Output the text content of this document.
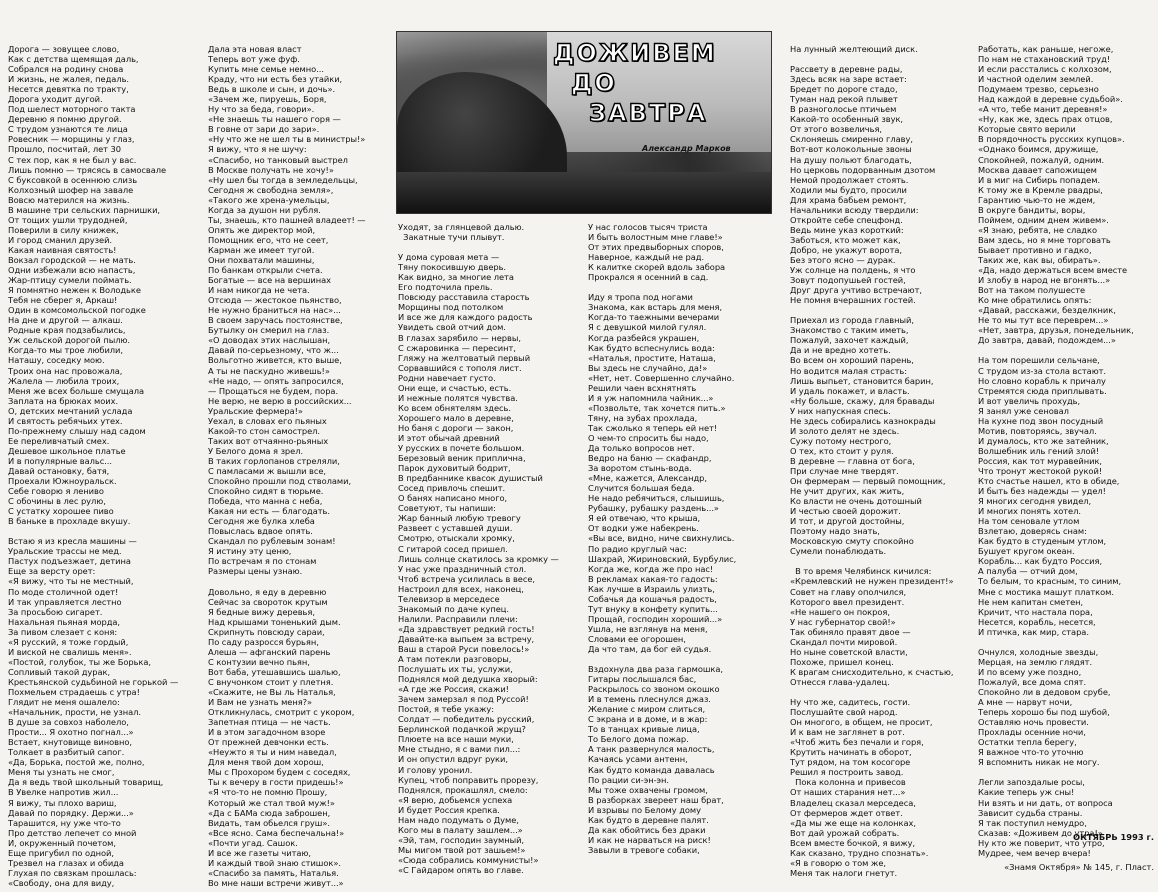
Дорога — зовущее слово,
Как с детства щемящая даль,
Собрался на родину снова
И жизнь, не жалея, педаль.
Несется девятка по тракту,
Дорога уходит дугой.
Под шелест моторного такта
Деревню я помню другой.
С трудом узнаются те лица
Ровесник — морщины у глаз,
Прошло, посчитай, лет 30
С тех пор, как я не был у вас.
Лишь помню — трясясь в самосвале
С буксовкой в осеннюю слизь
Колхозный шофер на завале
Вовсю матерился на жизнь.
В машине три сельских парнишки,
От тощих ушли трудодней,
Поверили в силу книжек,
И город сманил друзей.
Какая наивная святость!
Вокзал городской — не мать.
Одни избежали всю напасть,
Жар-птицу сумели поймать.
Я помнятно нежен к Володьке
Тебя не сберег я, Аркаш!
Один в комсомольской погодке
На дне и другой — алкаш.
Родные края подзабылись,
Уж сельской дорогой пылю.
Когда-то мы трое любили,
Наташу, соседку мою.
Троих она нас провожала,
Жалела — любила троих,
Меня же всех больше смущала
Заплата на брюках моих.
О, детских мечтаний услада
И святость ребячьих утех.
По-прежнему слышу над садом
Ее переливчатый смех.
Дешевое школьное платье
И в популярные вальс...
Давай остановку, батя,
Проехали Южноуральск.
Себе говорю я лениво
С обочины в лес рулю,
С устатку хорошее пиво
В баньке в прохладе вкушу.

Встаю я из кресла машины —
Уральские трассы не мед.
Пастух подъезжает, детина
Еще за версту орет:
«Я вижу, что ты не местный,
По моде столичной одет!
И так управляется лестно
За просьбою сигарет.
Нахальная пьяная морда,
За пивом слезает с коня:
«Я русский, я тоже гордый,
И виской не свалишь меня».
«Постой, голубок, ты же Борька,
Сопливый такой дурак,
Крестьянской судьбиной не горькой —
Похмельем страдаешь с утра!
Глядит не меня ошалело:
«Начальник, прости, не узнал.
В душе за совхоз наболело,
Прости... Я охотно погнал...»
Встает, кнутовище виновно,
Толкает в разбитый сапог.
«Да, Борька, постой же, полно,
Меня ты узнать не смог,
Да я ведь твой школьный товарищ,
В Увелке напротив жил...
Я вижу, ты плохо вариш,
Давай по порядку. Держи...»
Тарашится, ну уже что-то
Про детство лепечет со мной
И, окруженный почетом,
Еще пригубил по одной,
Трезвел на глазах и обида
Глухая по связкам прошлась:
«Свободу, она для виду,
Дала эта новая власт
Теперь вот уже фуф.
Купить мне семье немно...
Краду, что ни есть без утайки,
Ведь в школе и сын, и дочь».
«Зачем же, пируешь, Боря,
Ну что за беда, говори».
«Не знаешь ты нашего горя —
В говне от зари до зари».
«Ну что же не шел ты в министры!»
Я вижу, что я не шучу:
«Спасибо, но танковый выстрел
В Москве получать не хочу!»
«Ну шел бы тогда в земледельцы,
Сегодня ж свободна земля»,
«Такого же хрена-умельцы,
Когда за душон ни рубля.
Ты, знаешь, кто пашней владеет! —
Опять же директор мой,
Помощник его, что не сеет,
Карман же имеет тугой.
Они похватали машины,
По банкам открыли счета.
Богатые — все на вершинах
И нам никогда не чета.
Отсюда — жестокое пьянство,
Не нужно браниться на нас»...
В своем заручась постоянстве,
Бутылку он смерил на глаз.
«О доводах этих наслышан,
Давай по-серьезному, что ж...
Вольготно живется, кто выше,
А ты не паскудно живешь!»
«Не надо, — опять запросился,
— Прощаться не будем, пора.
Не верю, не верю в российских...
Уральские фермера!»
Уехал, в словах его пьяных
Какой-то стон самострел.
Таких вот отчаянно-рьяных
У Белого дома я зрел.
В таких горлопанов стреляли,
С памласами ж вышли все,
Спокойно прошли под стволами,
Спокойно сидят в тюрьме.
Победа, что манна с неба,
Какая ни есть — благодать.
Сегодня же булка хлеба
Повыслась вдвое опять.
Скандал по рублевым зонам!
Я истину эту ценю,
По встречам я по стонам
Размеры цены узнаю.

Довольно, я еду в деревню
Сейчас за свороток крутым
Я бедные вижу деревья,
Над крышами тоненький дым.
Скрипнуть повсюду сараи,
По саду разросся бурьян,
Алеша — афганский парень
С контузии вечно пьян,
Вот баба, утешавшись шалью,
С внучонком стоит у плетня.
«Скажите, не Вы ль Наталья,
И Вам не узнать меня?»
Откликнулась, смотрит с укором,
Запетная птица — не часть.
И в этом загадочном взоре
От прежней девчонки есть.
«Неужто я ты и ним наведал,
Для меня твой дом хорош,
Мы с Прохором будем с соседях,
Ты к вечеру в гости придешь!»
«Я что-то не помню Прошу,
Который же стал твой муж!»
«Да с БАМа сюда заброшен,
Видать, там обьелся груш».
«Все ясно. Сама беспечальна!»
«Почти угад. Сашок.
И все же газеты читаю,
И каждый твой знаю стишок».
«Спасибо за память, Наталья.
Во мне наши встречи живут...»
ДОЖИВЕМ
ДО
ЗАВТРА
Александр Марков
Уходят, за глянцевой далью.
Закатные тучи плывут.

У дома суровая мета —
Тяну покосившую дверь.
Как видно, за многие лета
Его подточила прель.
Повсюду расставила старость
Морщины под потолком
И все же для каждого радость
Увидеть свой отчий дом.
В глазах зарябило — нервы,
С сжаровинка — пересинт,
Гляжу на желтоватый первый
Сорвавшийся с тополя лист.
Родни навечает густо.
Они еще, и счастью, есть.
И нежные полятся чувства.
Ко всем обнятелям здесь.
Хорошего мало в деревне,
Но баня с дороги — закон,
И этот обычай древний
У русских в почете большом.
Березовый веник приплична,
Парок духовитый бодрит,
В предбаннике квасок душистый
Сосед привлочь спешит.
О банях написано много,
Советуют, ты напиши:
Жар банный любую тревогу
Развеет с уставшей души.
Смотрю, отыскали хромку,
С гитарой сосед пришел.
Лишь солнце скатилось за кромку —
У нас уже праздничный стол.
Чтоб встреча усилилась в весе,
Настроил для всех, наконец,
Телевизор в мерседесе
Знакомый по даче купец.
Налили. Расправили плечи:
«Да здравствует редкий гость!
Давайте-ка выпьем за встречу,
Ваш в старой Руси повелось!»
А там потекли разговоры,
Послушать их ты, услужи,
Поднялся мой дедушка хворый:
«А где же Россия, скажи!
Зачем замерзал я под Руссой!
Постой, я тебе укажу:
Солдат — победитель русский,
Берлинской подачкой жрущ?
Плюете на все наши муки,
Мне стыдно, я с вами пил...:
И он опустил вдруг руки,
И голову уронил.
Купец, чтоб поправить прорезу,
Поднялся, прокашлял, смело:
«Я верю, добьемся успеха
И будет Россия крепка.
Нам надо подумать о Думе,
Кого мы в палату зашлем...»
«Эй, там, господин заумный,
Мы мигом твой рот зашьем!»
«Сюда собрались коммунисты!»
«С Гайдаром опять во главе.
У нас голосов тысяч триста
И быть волостным мне главе!»
От этих предвыборных споров,
Наверное, каждый не рад.
К калитке скорей вдоль забора
Прокрался я осенний в сад.

Иду я тропа под ногами
Знакома, как встарь для меня,
Когда-то таежными вечерами
Я с девушкой милой гулял.
Когда разбейся украшен,
Как будто вспеснулись вода:
«Наталья, простите, Наташа,
Вы здесь не случайно, да!»
«Нет, нет. Совершенно случайно.
Решили чаен всхнятнять
И я уж напомнила чайник...»
«Позвольте, так хочется пить.»
Тяну, на зубах прохлада,
Так сжолько я теперь ей нет!
О чем-то спросить бы надо,
Да только вопросов нет.
Ведро на баню — скафандр,
За воротом стынь-вода.
«Мне, кажется, Александр,
Случится большая беда.
Не надо ребячиться, слышишь,
Рубашку, рубашку раздень...»
Я ей отвечаю, что крыша,
От водки уже набекрень.
«Вы все, видно, ниче свихнулись.
По радио круглый час:
Шахрай, Жириновский, Бурбулис,
Когда же, когда же про нас!
В рекламах какая-то гадость:
Как лучше в Израиль улизть,
Собачья да кошачья радость,
Тут внуку в конфету купить...
Прощай, господин хороший...»
Ушла, не взглянув на меня,
Словами ее огорошен,
Да что там, да бог ей судья.

Вздохнула два раза гармошка,
Гитары послышался бас,
Раскрылось со звоном окошко
И в темень плеснулся джаз.
Желание с миром слиться,
С экрана и в доме, и в жар:
То в танцах кривые лица,
То Белого дома пожар.
А танк развернулся малость,
Качаясь усами антенн,
Как будто команда давалась
По рации си-эн-эн.
Мы тоже охвачены громом,
В разборках звереет наш брат,
И взрывы по Белому дому
Как будто в деревне палят.
Да как обойтись без драки
И как не нарваться на риск!
Завыли в тревоге собаки,
На лунный желтеющий диск.

Рассвету в деревне рады,
Здесь всяк на заре встает:
Бредет по дороге стадо,
Туман над рекой плывет
В разноголосье птичьем
Какой-то особенный звук,
От этого возвеличья,
Склоняешь смиренно главу,
Вот-вот колокольные звоны
На душу польют благодать,
Но церковь подорванным дзотом
Немой продолжает стоять.
Ходили мы будто, просили
Для храма бабьем ремонт,
Начальники всюду твердили:
Откройте себе спецфонд.
Ведь мине указ короткий:
Заботься, кто может как,
Добро, не укажут ворота,
Без этого ясно — дурак.
Уж солнце на полдень, я что
Зовут подопушьей гостей,
Друг друга учтиво встречают,
Не помня вчерашних гостей.

Приехал из города главный,
Знакомство с таким иметь,
Пожалуй, захочет каждый,
Да и не вредно хотеть.
Во всем он хороший парень,
Но водится малая страсть:
Лишь выпьет, становится барин,
И удаль покажет, и власть.
«Ну больше, скажу, для бравады
У них напускная спесь.
Не здесь собирались казнокрады
И золото делят не здесь.
Сужу потому нестрого,
О тех, кто стоит у руля.
В деревне — главна от бога,
При случае мне твердят.
Он фермерам — первый помощник,
Не учит других, как жить,
Ко власти не очень дотошный
И честью своей дорожит.
И тот, и другой достойны,
Поэтому надо знать,
Московскую смуту спокойно
Сумели понаблюдать.

В то время Челябинск кичился:
«Кремлевский не нужен президент!»
Совет на главу ополчился,
Которого ввел президент.
«Не нашего он покроя,
У нас губернатор свой!»
Так обиняло правят двое —
Скандал почти мировой.
Но ныне советской власти,
Похоже, пришел конец.
К врагам снисходительно, к счастью,
Отнесся глава-удалец.

Ну что же, садитесь, гости.
Послушайте свой народ.
Он многого, в общем, не просит,
И к вам не заглянет в рот.
«Чтоб жить без печали и горя,
Крутить начинать в оборот,
Тут рядом, на том косогоре
Решил я построить завод.
Пока колонна и привесов
От наших старания нет...»
Владелец сказал мерседеса,
От фермеров ждет ответ.
«Да мы же еще на колонках,
Вот дай урожай собрать.
Всем вместе бочкой, я вижу,
Как сказано, трудно спознать».
«Я в говорю о том же,
Меня так налоги гнетут.
Работать, как раньше, негоже,
По нам не стахановский труд!
И если расстались с колхозом,
И частной оделим землей.
Подумаем трезво, серьезно
Над каждой в деревне судьбой».
«А что, тебе манит деревня!»
«Ну, как же, здесь прах отцов,
Которые свято верили
В порядочность русских купцов».
«Однако боимся, дружище,
Спокойней, пожалуй, одним.
Москва давает сапожищем
И в миг на Сибирь попадем.
К тому же в Кремле рвадры,
Гарантию чью-то не ждем,
В округе бандиты, воры,
Поймем, одним днем живем».
«Я знаю, ребята, не сладко
Вам здесь, но я мне торговать
Бывает противно и гадко,
Таких же, как вы, обирать».
«Да, надо держаться всем вместе
И злобу в народ не вгонять...»
Вот на таком полушесте
Ко мне обратились опять:
«Давай, расскажи, безделкник,
Не то мы тут все переврем...»
«Нет, завтра, друзья, понедельник,
До завтра, давай, подождем...»

На том порешили сельчане,
С трудом из-за стола встают.
Но словно корабль к причалу
Стремятся сюда приплывать.
И вот увеличь прохудь,
Я занял уже сеновал
На кухне под звон посудный
Мотив, повторяясь, звучал.
И думалось, кто же затейник,
Волшебник иль гений злой!
Россия, как тот муравейник,
Что тронут жестокой рукой!
Кто счастье нашел, кто в обиде,
И быть без надежды — удел!
Я многих сегодня увидел,
И многих понять хотел.
На том сеновале утлом
Взлетаю, доверясь снам:
Как будто в студеным утлом,
Бушует кругом океан.
Корабль... как будто Россия,
А палуба — отчий дом,
То белым, то красным, то синим,
Мне с мостика машут платком.
Не нем капитан сметен,
Кричит, что настала пора,
Несется, корабль, несется,
И птичка, как мир, стара.

Очнулся, холодные звезды,
Мерцая, на землю глядят.
И по всему уже поздно,
Пожалуй, все дома спят.
Спокойно ли в дедовом срубе,
А мне — нарвут ночи,
Теперь хорошо бы под шубой,
Оставляю ночь провести.
Прохлады осенние ночи,
Остатки тепла берегу,
Я важное что-то уточню
Я вспомнить никак не могу.

Легли запоздалые росы,
Какие теперь уж сны!
Ни взять и ни дать, от вопроса
Зависит судьба страны.
Я так поступил немудро,
Сказав: «Доживем до утра!»
Ну кто же поверит, что утро,
Мудрее, чем вечер вчера!

ОКТЯБРЬ 1993 г.

«Знамя Октября» № 145, г. Пласт.
